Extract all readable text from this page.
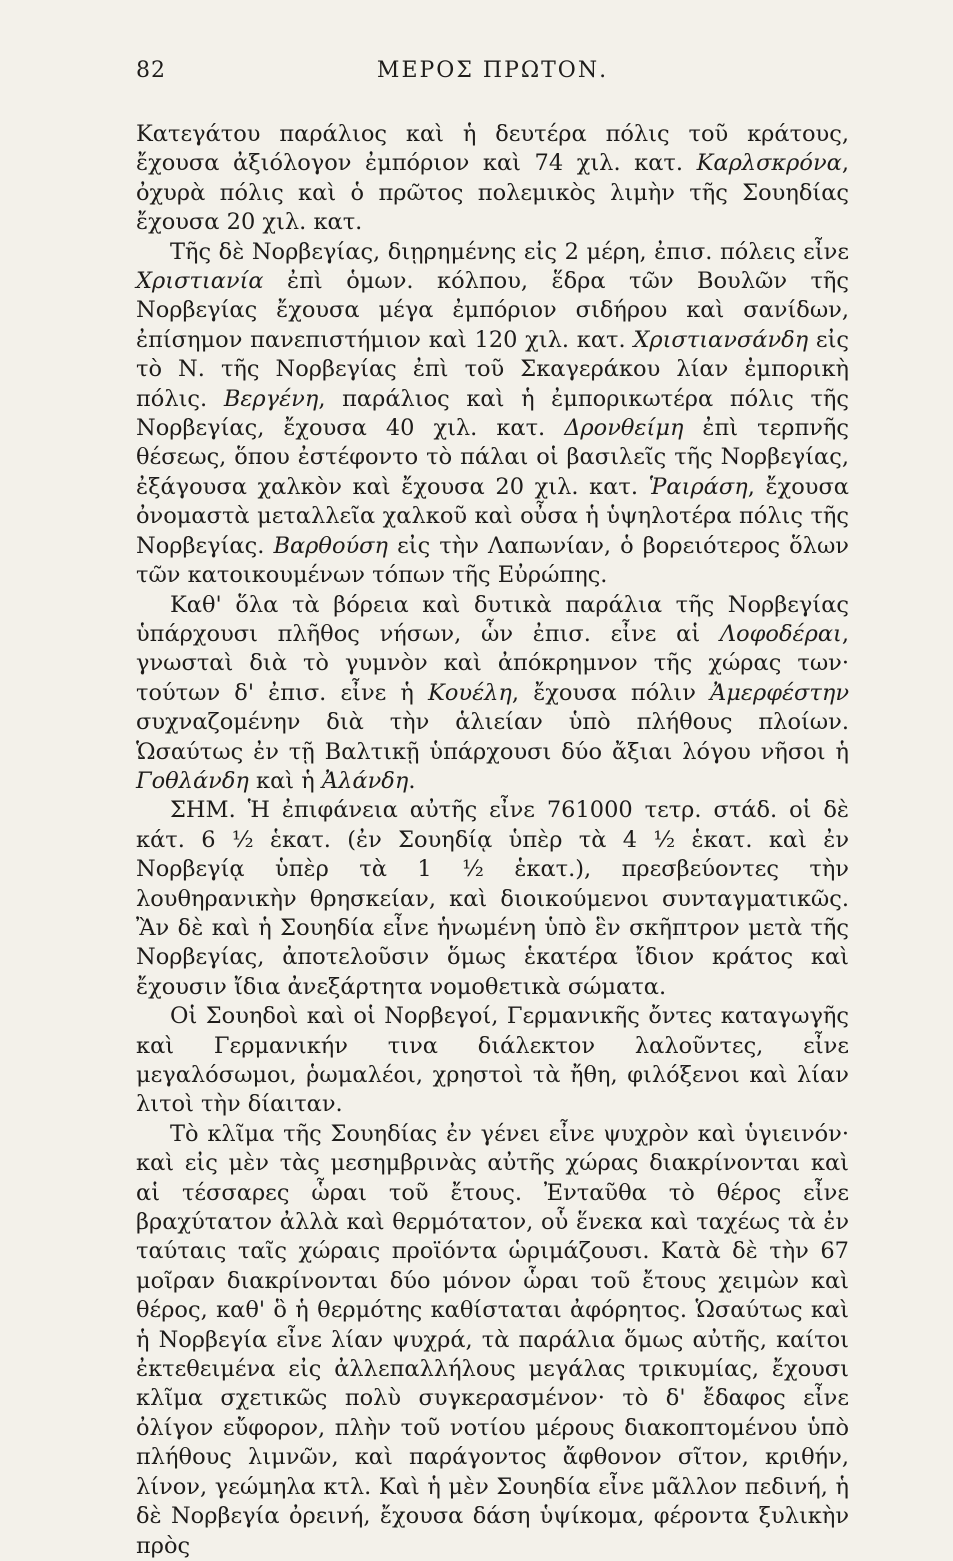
82	ΜΕΡΟΣ ΠΡΩΤΟΝ.

Κατεγάτου παράλιος καὶ ἡ δευτέρα πόλις τοῦ κράτους, ἔχουσα ἀξιόλογον ἐμπόριον καὶ 74 χιλ. κατ. Καρλσκρόνα, ὀχυρὰ πόλις καὶ ὁ πρῶτος πολεμικὸς λιμὴν τῆς Σουηδίας ἔχουσα 20 χιλ. κατ.

Τῆς δὲ Νορβεγίας, διῃρημένης εἰς 2 μέρη, ἐπισ. πόλεις εἶνε Χριστιανία ἐπὶ ὁμων. κόλπου, ἕδρα τῶν Βουλῶν τῆς Νορβεγίας ἔχουσα μέγα ἐμπόριον σιδήρου καὶ σανίδων, ἐπίσημον πανεπιστήμιον καὶ 120 χιλ. κατ. Χριστιανσάνδη εἰς τὸ Ν. τῆς Νορβεγίας ἐπὶ τοῦ Σκαγεράκου λίαν ἐμπορικὴ πόλις. Βεργένη, παράλιος καὶ ἡ ἐμπορικωτέρα πόλις τῆς Νορβεγίας, ἔχουσα 40 χιλ. κατ. Δρονθείμη ἐπὶ τερπνῆς θέσεως, ὅπου ἐστέφοντο τὸ πάλαι οἱ βασιλεῖς τῆς Νορβεγίας, ἐξάγουσα χαλκὸν καὶ ἔχουσα 20 χιλ. κατ. Ῥαιράση, ἔχουσα ὀνομαστὰ μεταλλεῖα χαλκοῦ καὶ οὖσα ἡ ὑψηλοτέρα πόλις τῆς Νορβεγίας. Βαρθούση εἰς τὴν Λαπωνίαν, ὁ βορειότερος ὅλων τῶν κατοικουμένων τόπων τῆς Εὐρώπης.

Καθ' ὅλα τὰ βόρεια καὶ δυτικὰ παράλια τῆς Νορβεγίας ὑπάρχουσι πλῆθος νήσων, ὧν ἐπισ. εἶνε αἱ Λοφοδέραι, γνωσταὶ διὰ τὸ γυμνὸν καὶ ἀπόκρημνον τῆς χώρας των· τούτων δ' ἐπισ. εἶνε ἡ Κουέλη, ἔχουσα πόλιν Ἀμερφέστην συχναζομένην διὰ τὴν ἁλιείαν ὑπὸ πλήθους πλοίων. Ὡσαύτως ἐν τῇ Βαλτικῇ ὑπάρχουσι δύο ἄξιαι λόγου νῆσοι ἡ Γοθλάνδη καὶ ἡ Ἀλάνδη.

ΣΗΜ. Ἡ ἐπιφάνεια αὐτῆς εἶνε 761000 τετρ. στάδ. οἱ δὲ κάτ. 6 ½ ἑκατ. (ἐν Σουηδίᾳ ὑπὲρ τὰ 4 ½ ἑκατ. καὶ ἐν Νορβεγίᾳ ὑπὲρ τὰ 1 ½ ἑκατ.), πρεσβεύοντες τὴν λουθηρανικὴν θρησκείαν, καὶ διοικούμενοι συνταγματικῶς. Ἂν δὲ καὶ ἡ Σουηδία εἶνε ἡνωμένη ὑπὸ ἓν σκῆπτρον μετὰ τῆς Νορβεγίας, ἀποτελοῦσιν ὅμως ἑκατέρα ἴδιον κράτος καὶ ἔχουσιν ἴδια ἀνεξάρτητα νομοθετικὰ σώματα.

Οἱ Σουηδοὶ καὶ οἱ Νορβεγοί, Γερμανικῆς ὄντες καταγωγῆς καὶ Γερμανικήν τινα διάλεκτον λαλοῦντες, εἶνε μεγαλόσωμοι, ῥωμαλέοι, χρηστοὶ τὰ ἤθη, φιλόξενοι καὶ λίαν λιτοὶ τὴν δίαιταν.

Τὸ κλῖμα τῆς Σουηδίας ἐν γένει εἶνε ψυχρὸν καὶ ὑγιεινόν· καὶ εἰς μὲν τὰς μεσημβρινὰς αὐτῆς χώρας διακρίνονται καὶ αἱ τέσσαρες ὧραι τοῦ ἔτους. Ἐνταῦθα τὸ θέρος εἶνε βραχύτατον ἀλλὰ καὶ θερμότατον, οὗ ἕνεκα καὶ ταχέως τὰ ἐν ταύταις ταῖς χώραις προϊόντα ὡριμάζουσι. Κατὰ δὲ τὴν 67 μοῖραν διακρίνονται δύο μόνον ὧραι τοῦ ἔτους χειμὼν καὶ θέρος, καθ' ὃ ἡ θερμότης καθίσταται ἀφόρητος. Ὡσαύτως καὶ ἡ Νορβεγία εἶνε λίαν ψυχρά, τὰ παράλια ὅμως αὐτῆς, καίτοι ἐκτεθειμένα εἰς ἀλλεπαλλήλους μεγάλας τρικυμίας, ἔχουσι κλῖμα σχετικῶς πολὺ συγκερασμένον· τὸ δ' ἔδαφος εἶνε ὀλίγον εὔφορον, πλὴν τοῦ νοτίου μέρους διακοπτομένου ὑπὸ πλήθους λιμνῶν, καὶ παράγοντος ἄφθονον σῖτον, κριθήν, λίνον, γεώμηλα κτλ. Καὶ ἡ μὲν Σουηδία εἶνε μᾶλλον πεδινή, ἡ δὲ Νορβεγία ὀρεινή, ἔχουσα δάση ὑψίκομα, φέροντα ξυλικὴν πρὸς
